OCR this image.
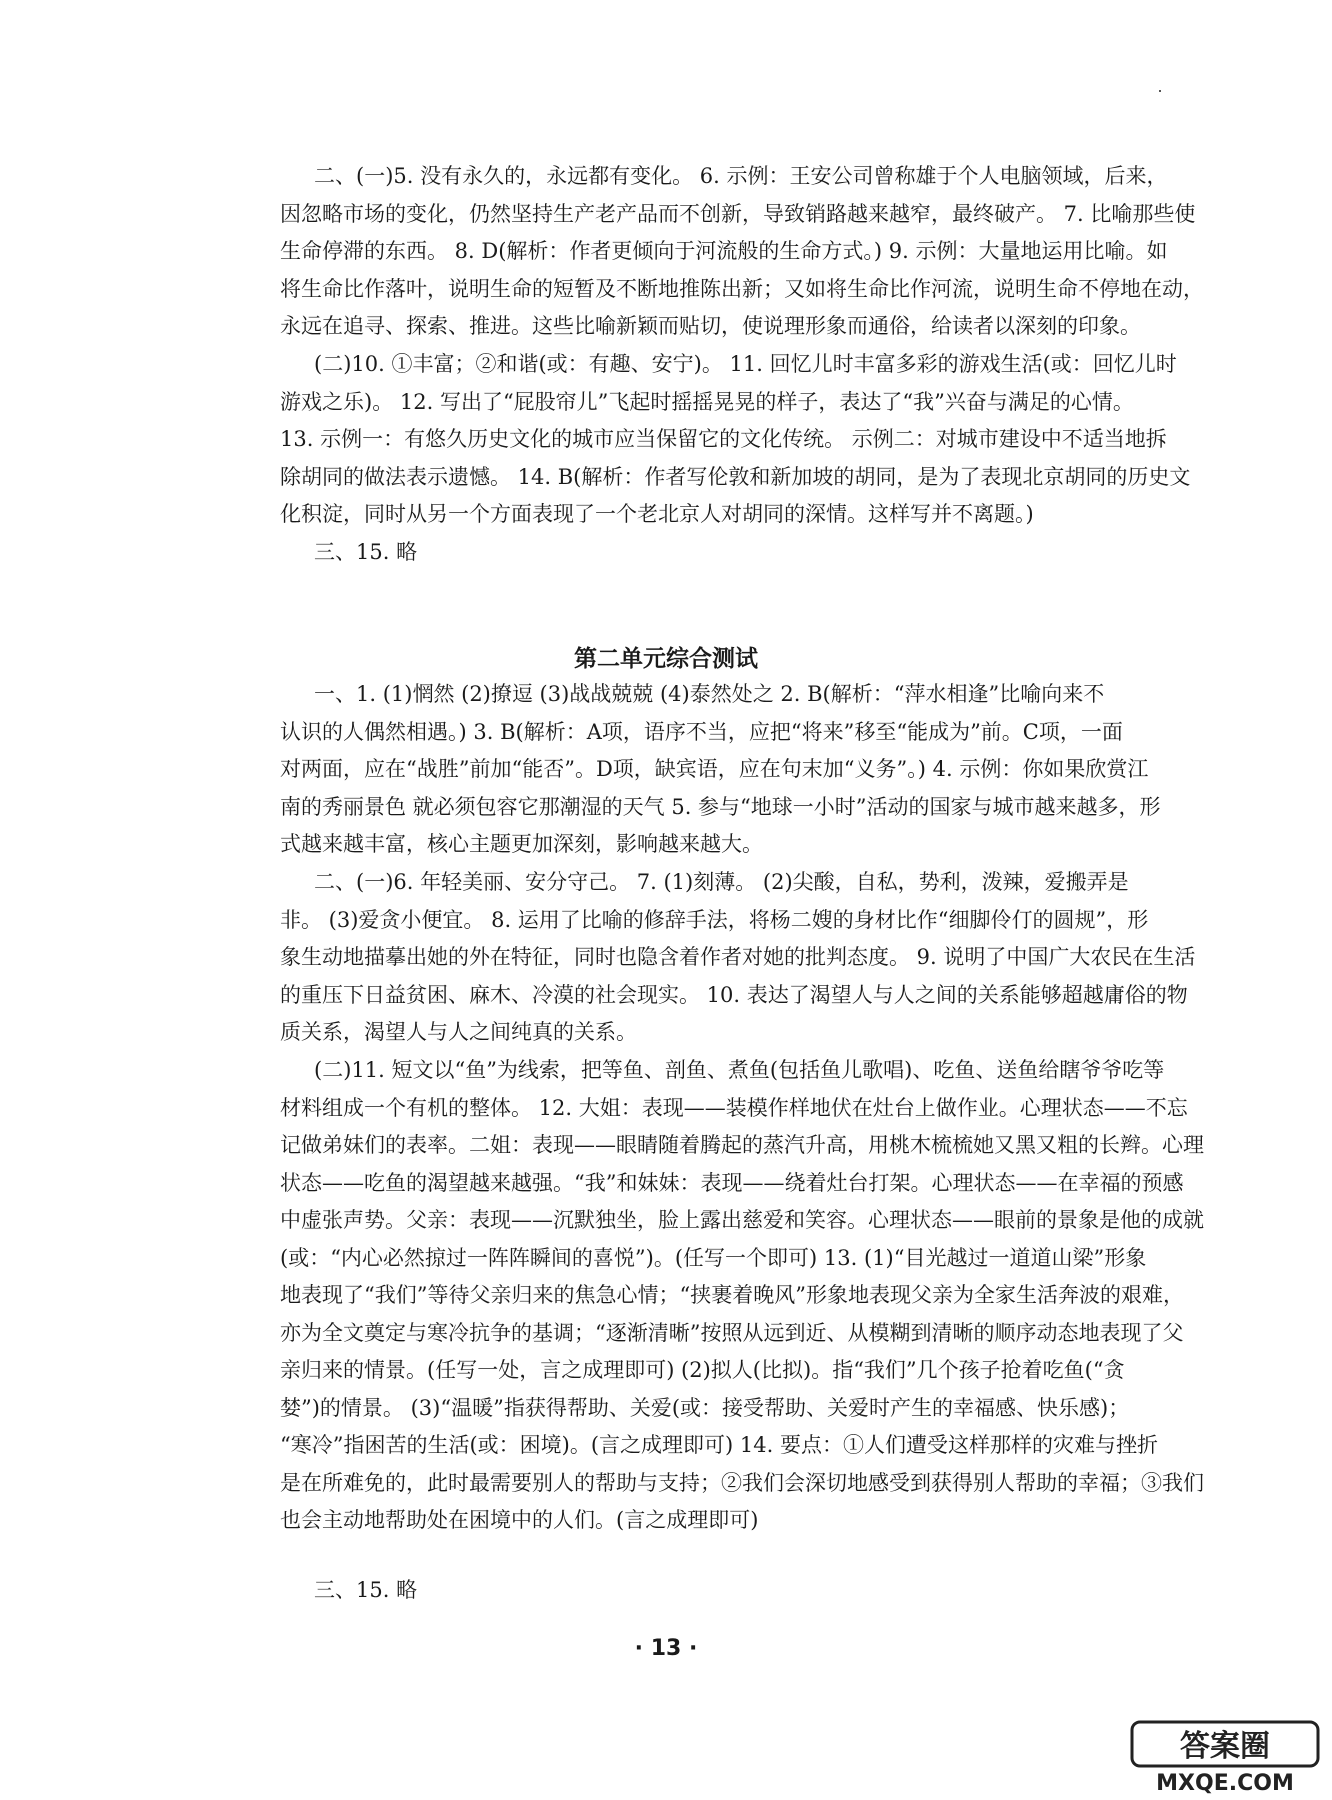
二、(一)5. 没有永久的，永远都有变化。 6. 示例：王安公司曾称雄于个人电脑领域，后来，
因忽略市场的变化，仍然坚持生产老产品而不创新，导致销路越来越窄，最终破产。 7. 比喻那些使
生命停滞的东西。 8. D(解析：作者更倾向于河流般的生命方式。) 9. 示例：大量地运用比喻。如
将生命比作落叶，说明生命的短暂及不断地推陈出新；又如将生命比作河流，说明生命不停地在动，
永远在追寻、探索、推进。这些比喻新颖而贴切，使说理形象而通俗，给读者以深刻的印象。
(二)10. ①丰富；②和谐(或：有趣、安宁)。 11. 回忆儿时丰富多彩的游戏生活(或：回忆儿时
游戏之乐)。 12. 写出了“屁股帘儿”飞起时摇摇晃晃的样子，表达了“我”兴奋与满足的心情。
13. 示例一：有悠久历史文化的城市应当保留它的文化传统。 示例二：对城市建设中不适当地拆
除胡同的做法表示遗憾。 14. B(解析：作者写伦敦和新加坡的胡同，是为了表现北京胡同的历史文
化积淀，同时从另一个方面表现了一个老北京人对胡同的深情。这样写并不离题。)
三、15. 略
第二单元综合测试
一、1. (1)惘然 (2)撩逗 (3)战战兢兢 (4)泰然处之 2. B(解析：“萍水相逢”比喻向来不
认识的人偶然相遇。) 3. B(解析：A项，语序不当，应把“将来”移至“能成为”前。C项，一面
对两面，应在“战胜”前加“能否”。D项，缺宾语，应在句末加“义务”。) 4. 示例：你如果欣赏江
南的秀丽景色 就必须包容它那潮湿的天气 5. 参与“地球一小时”活动的国家与城市越来越多，形
式越来越丰富，核心主题更加深刻，影响越来越大。
二、(一)6. 年轻美丽、安分守己。 7. (1)刻薄。 (2)尖酸，自私，势利，泼辣，爱搬弄是
非。 (3)爱贪小便宜。 8. 运用了比喻的修辞手法，将杨二嫂的身材比作“细脚伶仃的圆规”，形
象生动地描摹出她的外在特征，同时也隐含着作者对她的批判态度。 9. 说明了中国广大农民在生活
的重压下日益贫困、麻木、冷漠的社会现实。 10. 表达了渴望人与人之间的关系能够超越庸俗的物
质关系，渴望人与人之间纯真的关系。
(二)11. 短文以“鱼”为线索，把等鱼、剖鱼、煮鱼(包括鱼儿歌唱)、吃鱼、送鱼给瞎爷爷吃等
材料组成一个有机的整体。 12. 大姐：表现——装模作样地伏在灶台上做作业。心理状态——不忘
记做弟妹们的表率。二姐：表现——眼睛随着腾起的蒸汽升高，用桃木梳梳她又黑又粗的长辫。心理
状态——吃鱼的渴望越来越强。“我”和妹妹：表现——绕着灶台打架。心理状态——在幸福的预感
中虚张声势。父亲：表现——沉默独坐，脸上露出慈爱和笑容。心理状态——眼前的景象是他的成就
(或：“内心必然掠过一阵阵瞬间的喜悦”)。(任写一个即可) 13. (1)“目光越过一道道山梁”形象
地表现了“我们”等待父亲归来的焦急心情；“挟裹着晚风”形象地表现父亲为全家生活奔波的艰难，
亦为全文奠定与寒冷抗争的基调；“逐渐清晰”按照从远到近、从模糊到清晰的顺序动态地表现了父
亲归来的情景。(任写一处，言之成理即可) (2)拟人(比拟)。指“我们”几个孩子抢着吃鱼(“贪
婪”)的情景。 (3)“温暖”指获得帮助、关爱(或：接受帮助、关爱时产生的幸福感、快乐感)；
“寒冷”指困苦的生活(或：困境)。(言之成理即可) 14. 要点：①人们遭受这样那样的灾难与挫折
是在所难免的，此时最需要别人的帮助与支持；②我们会深切地感受到获得别人帮助的幸福；③我们
也会主动地帮助处在困境中的人们。(言之成理即可)
三、15. 略
· 13 ·
答案圈
MXQE.COM
